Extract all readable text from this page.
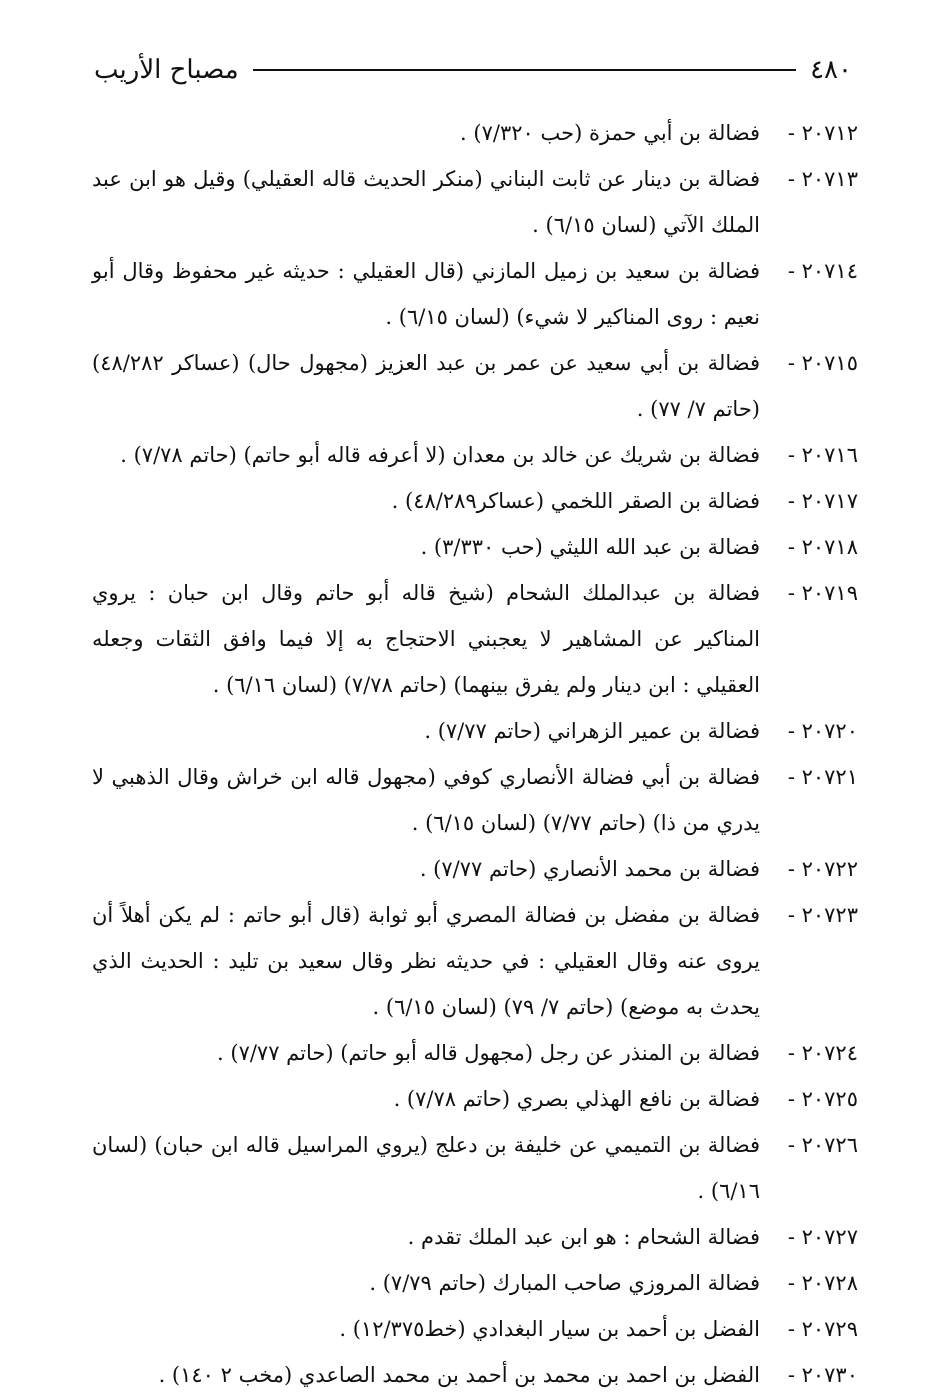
٤٨٠
مصباح الأريب
٢٠٧١٢ -
فضالة بن أبي حمزة (حب ٧/٣٢٠) .
٢٠٧١٣ -
فضالة بن دينار عن ثابت البناني (منكر الحديث قاله العقيلي) وقيل هو ابن عبد الملك الآتي (لسان ٦/١٥) .
٢٠٧١٤ -
فضالة بن سعيد بن زميل المازني (قال العقيلي : حديثه غير محفوظ وقال أبو نعيم : روى المناكير لا شيء) (لسان ٦/١٥) .
٢٠٧١٥ -
فضالة بن أبي سعيد عن عمر بن عبد العزيز (مجهول حال) (عساكر ٤٨/٢٨٢) (حاتم ٧/ ٧٧) .
٢٠٧١٦ -
فضالة بن شريك عن خالد بن معدان (لا أعرفه قاله أبو حاتم) (حاتم ٧/٧٨) .
٢٠٧١٧ -
فضالة بن الصقر اللخمي (عساكر٤٨/٢٨٩) .
٢٠٧١٨ -
فضالة بن عبد الله الليثي (حب ٣/٣٣٠) .
٢٠٧١٩ -
فضالة بن عبدالملك الشحام (شيخ قاله أبو حاتم وقال ابن حبان : يروي المناكير عن المشاهير لا يعجبني الاحتجاج به إلا فيما وافق الثقات وجعله العقيلي : ابن دينار ولم يفرق بينهما) (حاتم ٧/٧٨) (لسان ٦/١٦) .
٢٠٧٢٠ -
فضالة بن عمير الزهراني (حاتم ٧/٧٧) .
٢٠٧٢١ -
فضالة بن أبي فضالة الأنصاري كوفي (مجهول قاله ابن خراش وقال الذهبي لا يدري من ذا) (حاتم ٧/٧٧) (لسان ٦/١٥) .
٢٠٧٢٢ -
فضالة بن محمد الأنصاري (حاتم ٧/٧٧) .
٢٠٧٢٣ -
فضالة بن مفضل بن فضالة المصري أبو ثوابة (قال أبو حاتم : لم يكن أهلاً أن يروى عنه وقال العقيلي : في حديثه نظر وقال سعيد بن تليد : الحديث الذي يحدث به موضع) (حاتم ٧/ ٧٩) (لسان ٦/١٥) .
٢٠٧٢٤ -
فضالة بن المنذر عن رجل (مجهول قاله أبو حاتم) (حاتم ٧/٧٧) .
٢٠٧٢٥ -
فضالة بن نافع الهذلي بصري (حاتم ٧/٧٨) .
٢٠٧٢٦ -
فضالة بن التميمي عن خليفة بن دعلج (يروي المراسيل قاله ابن حبان) (لسان ٦/١٦) .
٢٠٧٢٧ -
فضالة الشحام : هو ابن عبد الملك تقدم .
٢٠٧٢٨ -
فضالة المروزي صاحب المبارك (حاتم ٧/٧٩) .
٢٠٧٢٩ -
الفضل بن أحمد بن سيار البغدادي (خط١٢/٣٧٥) .
٢٠٧٣٠ -
الفضل بن احمد بن محمد بن أحمد بن محمد الصاعدي (مخب ٢ ١٤٠) .
